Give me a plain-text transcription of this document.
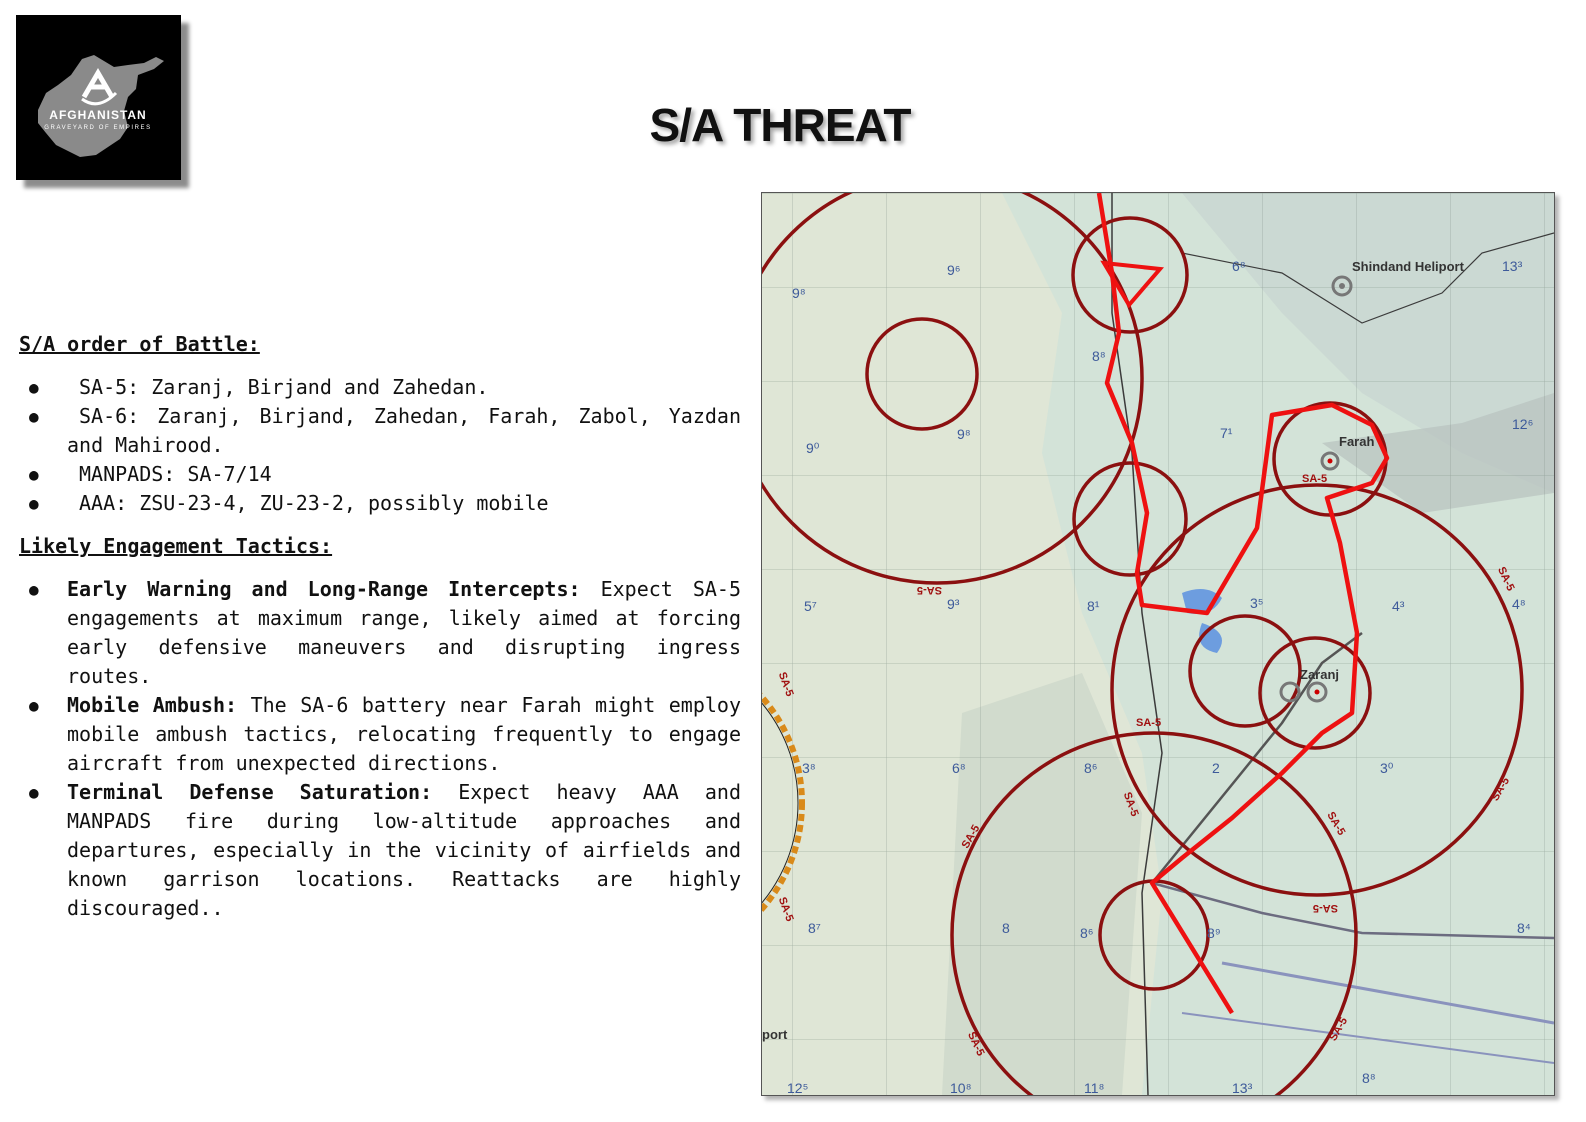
AFGHANISTAN
GRAVEYARD OF EMPIRES	S/A THREAT

S/A order of Battle:

● SA-5: Zaranj, Birjand and Zahedan.
● SA-6: Zaranj, Birjand, Zahedan, Farah, Zabol, Yazdan and Mahirood.
● MANPADS: SA-7/14
● AAA: ZSU-23-4, ZU-23-2, possibly mobile

Likely Engagement Tactics:

● Early Warning and Long-Range Intercepts: Expect SA-5 engagements at maximum range, likely aimed at forcing early defensive maneuvers and disrupting ingress routes.
● Mobile Ambush: The SA-6 battery near Farah might employ mobile ambush tactics, relocating frequently to engage aircraft from unexpected directions.
● Terminal Defense Saturation: Expect heavy AAA and MANPADS fire during low-altitude approaches and departures, especially in the vicinity of airfields and known garrison locations. Reattacks are highly discouraged..
Shindand Heliport
Farah
Zaranj
port
SA-5
SA-5
SA-5
SA-5
SA-5
SA-5	SA-5
SA-5
SA-5
SA-5
SA-5
SA-5
SA-5
9⁸
9⁶	6⁸	13³
8⁸
9⁸
9⁰
7¹
12⁶
5⁷	9³	8¹	3⁵	4³	4⁸
6⁸	8⁶
3⁸	2	3⁰
8⁷	8	8⁹
8⁶	8⁴
12⁵	10⁸	11⁸	13³
8⁸
